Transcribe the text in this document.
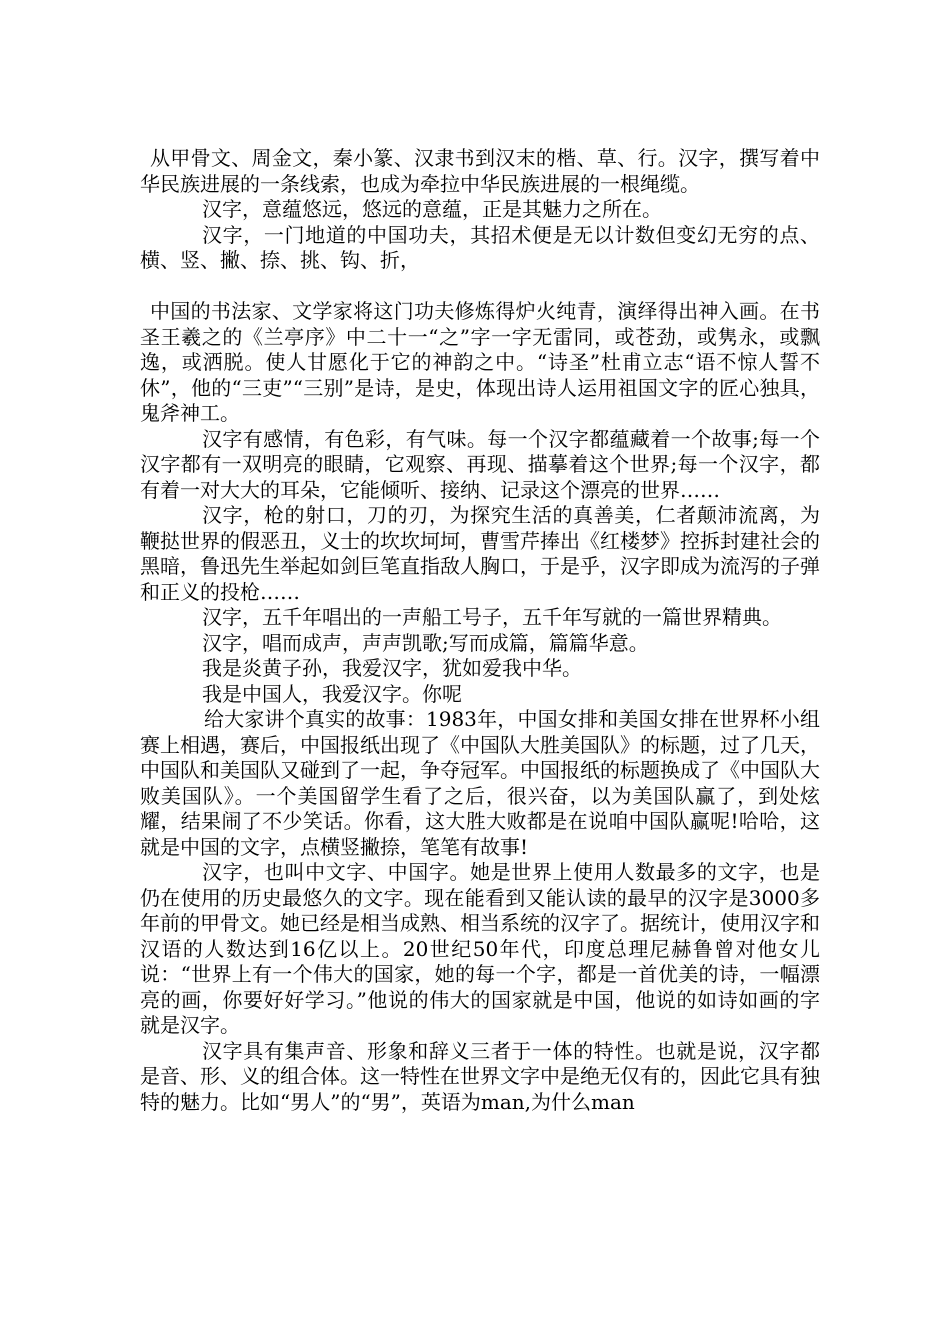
从甲骨文、周金文，秦小篆、汉隶书到汉末的楷、草、行。汉字，撰写着中华民族进展的一条线索，也成为牵拉中华民族进展的一根绳缆。

汉字，意蕴悠远，悠远的意蕴，正是其魅力之所在。

汉字，一门地道的中国功夫，其招术便是无以计数但变幻无穷的点、横、竖、撇、捺、挑、钩、折，

中国的书法家、文学家将这门功夫修炼得炉火纯青，演绎得出神入画。在书圣王羲之的《兰亭序》中二十一“之”字一字无雷同，或苍劲，或隽永，或飘逸，或洒脱。使人甘愿化于它的神韵之中。“诗圣”杜甫立志“语不惊人誓不休”，他的“三吏”“三别”是诗，是史，体现出诗人运用祖国文字的匠心独具，鬼斧神工。

汉字有感情，有色彩，有气味。每一个汉字都蕴藏着一个故事;每一个汉字都有一双明亮的眼睛，它观察、再现、描摹着这个世界;每一个汉字，都有着一对大大的耳朵，它能倾听、接纳、记录这个漂亮的世界……

汉字，枪的射口，刀的刃，为探究生活的真善美，仁者颠沛流离，为鞭挞世界的假恶丑，义士的坎坎坷坷，曹雪芹捧出《红楼梦》控拆封建社会的黑暗，鲁迅先生举起如剑巨笔直指敌人胸口，于是乎，汉字即成为流泻的子弹和正义的投枪……

汉字，五千年唱出的一声船工号子，五千年写就的一篇世界精典。

汉字，唱而成声，声声凯歌;写而成篇，篇篇华意。

我是炎黄子孙，我爱汉字，犹如爱我中华。

我是中国人，我爱汉字。你呢

给大家讲个真实的故事：1983年，中国女排和美国女排在世界杯小组赛上相遇，赛后，中国报纸出现了《中国队大胜美国队》的标题，过了几天，中国队和美国队又碰到了一起，争夺冠军。中国报纸的标题换成了《中国队大败美国队》。一个美国留学生看了之后，很兴奋，以为美国队赢了，到处炫耀，结果闹了不少笑话。你看，这大胜大败都是在说咱中国队赢呢!哈哈，这就是中国的文字，点横竖撇捺，笔笔有故事!

汉字，也叫中文字、中国字。她是世界上使用人数最多的文字，也是仍在使用的历史最悠久的文字。现在能看到又能认读的最早的汉字是3000多年前的甲骨文。她已经是相当成熟、相当系统的汉字了。据统计，使用汉字和汉语的人数达到16亿以上。20世纪50年代，印度总理尼赫鲁曾对他女儿说：“世界上有一个伟大的国家，她的每一个字，都是一首优美的诗，一幅漂亮的画，你要好好学习。”他说的伟大的国家就是中国，他说的如诗如画的字就是汉字。

汉字具有集声音、形象和辞义三者于一体的特性。也就是说，汉字都是音、形、义的组合体。这一特性在世界文字中是绝无仅有的，因此它具有独特的魅力。比如“男人”的“男”，英语为man,为什么man
